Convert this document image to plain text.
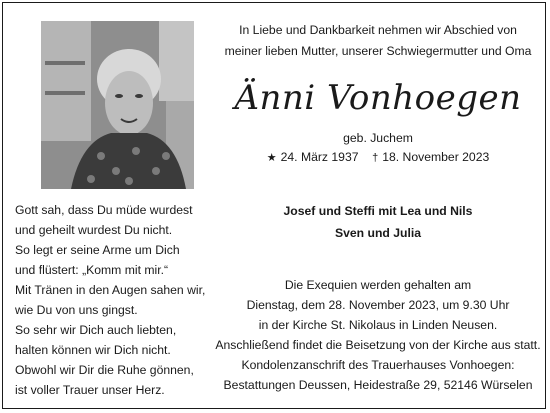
In Liebe und Dankbarkeit nehmen wir Abschied von
meiner lieben Mutter, unserer Schwiegermutter und Oma
Änni Vonhoegen
geb. Juchem
★ 24. März 1937 † 18. November 2023
Gott sah, dass Du müde wurdest
und geheilt wurdest Du nicht.
So legt er seine Arme um Dich
und flüstert: „Komm mit mir.“
Mit Tränen in den Augen sahen wir,
wie Du von uns gingst.
So sehr wir Dich auch liebten,
halten können wir Dich nicht.
Obwohl wir Dir die Ruhe gönnen,
ist voller Trauer unser Herz.
Josef und Steffi mit Lea und Nils
Sven und Julia
Die Exequien werden gehalten am
Dienstag, dem 28. November 2023, um 9.30 Uhr
in der Kirche St. Nikolaus in Linden Neusen.
Anschließend findet die Beisetzung von der Kirche aus statt.
Kondolenzanschrift des Trauerhauses Vonhoegen:
Bestattungen Deussen, Heidestraße 29, 52146 Würselen
